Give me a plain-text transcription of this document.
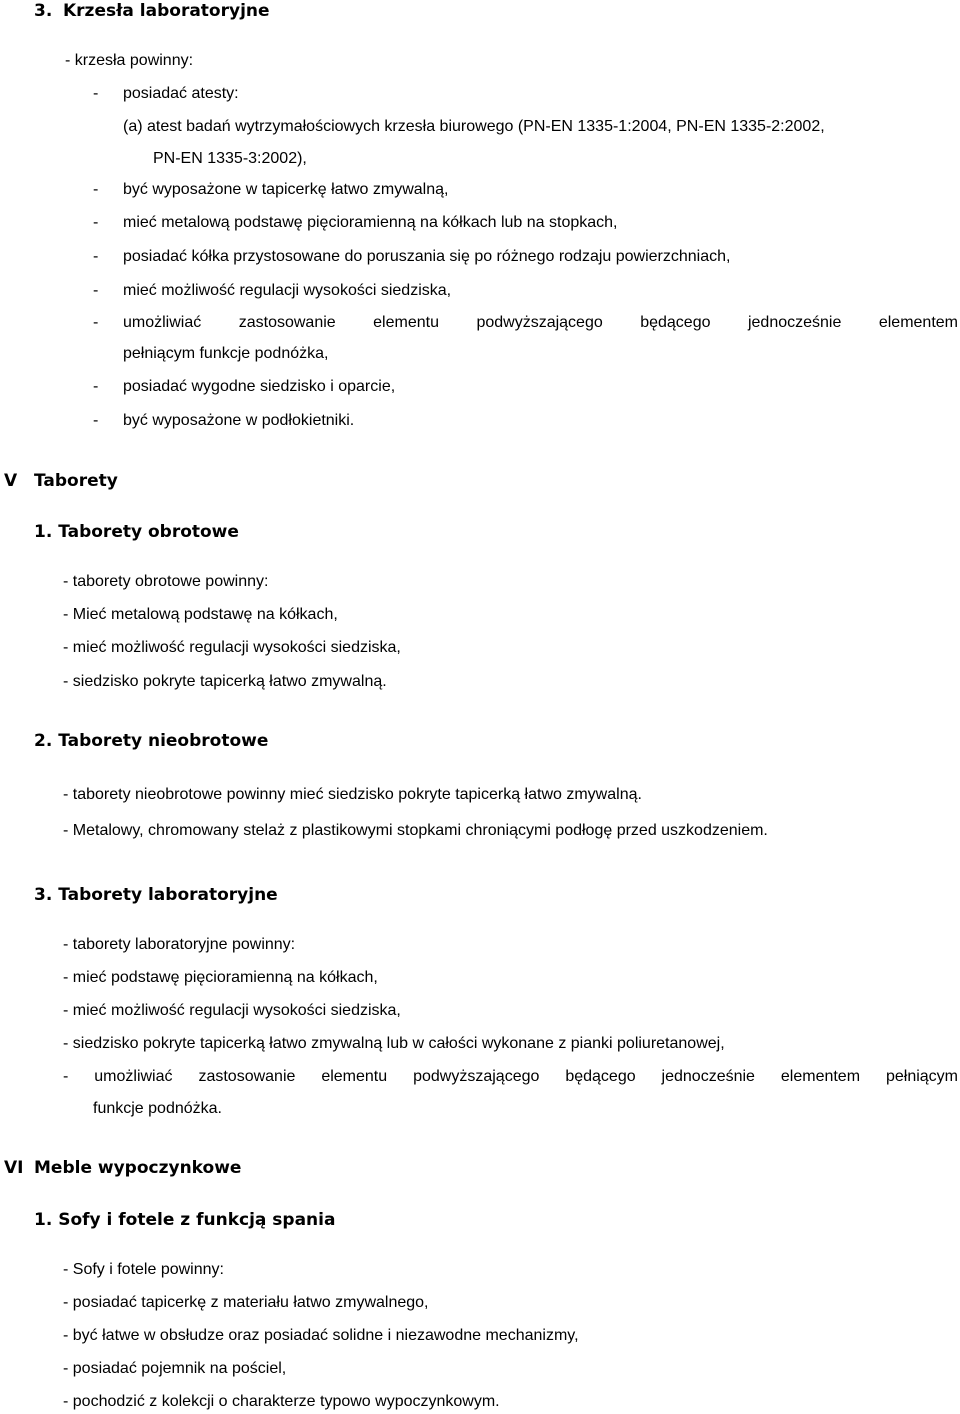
3. Krzesła laboratoryjne
- krzesła powinny:
- posiadać atesty:
(a) atest badań wytrzymałościowych krzesła biurowego (PN-EN 1335-1:2004, PN-EN 1335-2:2002,
PN-EN 1335-3:2002),
- być wyposażone w tapicerkę łatwo zmywalną,
- mieć metalową podstawę pięcioramienną na kółkach lub na stopkach,
- posiadać kółka przystosowane do poruszania się po różnego rodzaju powierzchniach,
- mieć możliwość regulacji wysokości siedziska,
- umożliwiać zastosowanie elementu podwyższającego będącego jednocześnie elementem
pełniącym funkcje podnóżka,
- posiadać wygodne siedzisko i oparcie,
- być wyposażone w podłokietniki.
V Taborety
1. Taborety obrotowe
- taborety obrotowe powinny:
- Mieć metalową podstawę na kółkach,
- mieć możliwość regulacji wysokości siedziska,
- siedzisko pokryte tapicerką łatwo zmywalną.
2. Taborety nieobrotowe
- taborety nieobrotowe powinny mieć siedzisko pokryte tapicerką łatwo zmywalną.
- Metalowy, chromowany stelaż z plastikowymi stopkami chroniącymi podłogę przed uszkodzeniem.
3. Taborety laboratoryjne
- taborety laboratoryjne powinny:
- mieć podstawę pięcioramienną na kółkach,
- mieć możliwość regulacji wysokości siedziska,
- siedzisko pokryte tapicerką łatwo zmywalną lub w całości wykonane z pianki poliuretanowej,
- umożliwiać zastosowanie elementu podwyższającego będącego jednocześnie elementem pełniącym
funkcje podnóżka.
VI Meble wypoczynkowe
1. Sofy i fotele z funkcją spania
- Sofy i fotele powinny:
- posiadać tapicerkę z materiału łatwo zmywalnego,
- być łatwe w obsłudze oraz posiadać solidne i niezawodne mechanizmy,
- posiadać pojemnik na pościel,
- pochodzić z kolekcji o charakterze typowo wypoczynkowym.
